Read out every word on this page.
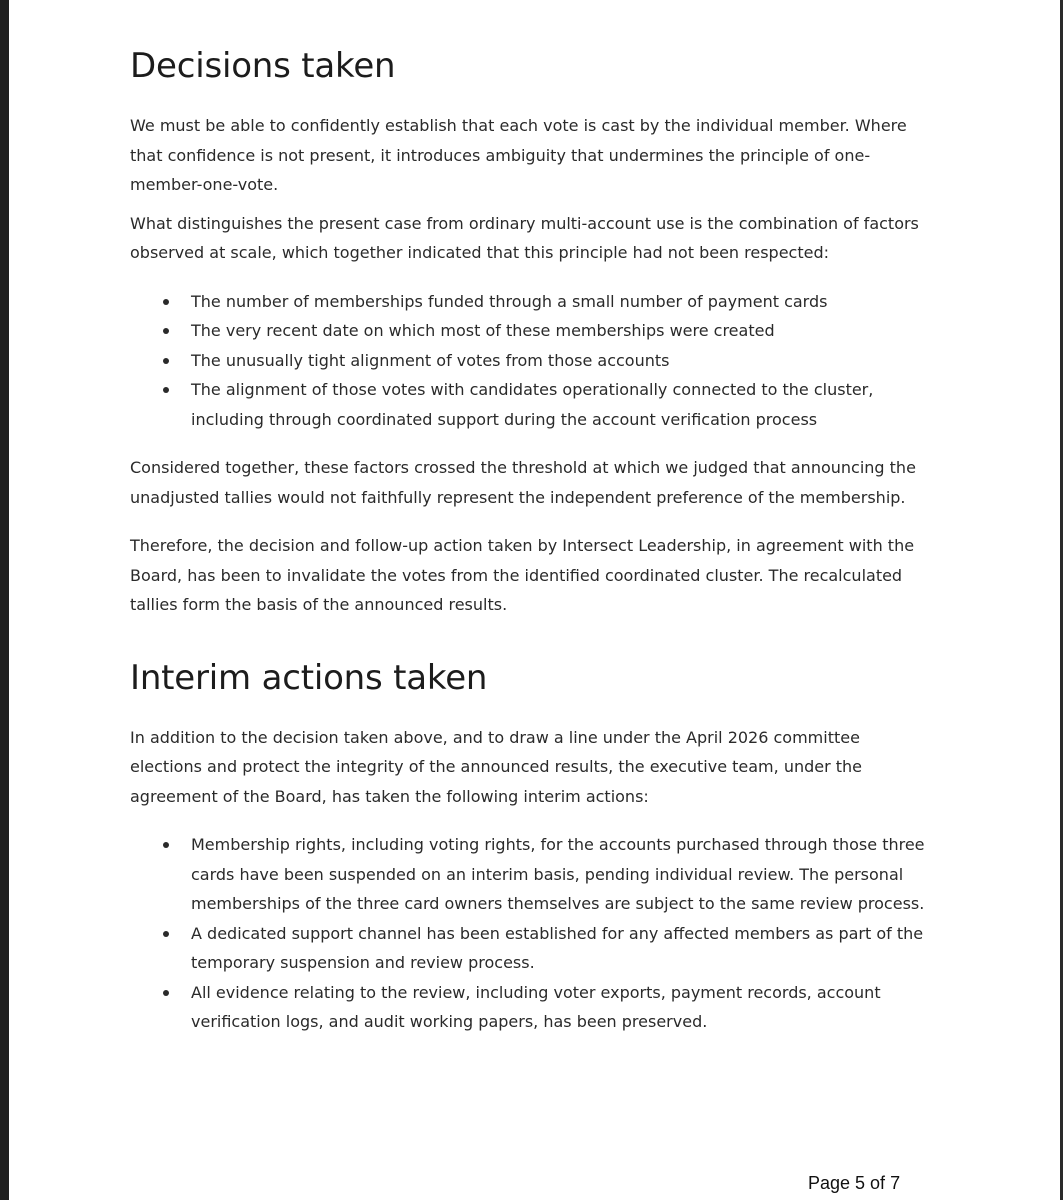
Decisions taken

We must be able to confidently establish that each vote is cast by the individual member. Where that confidence is not present, it introduces ambiguity that undermines the principle of one-member-one-vote.

What distinguishes the present case from ordinary multi-account use is the combination of factors observed at scale, which together indicated that this principle had not been respected:

The number of memberships funded through a small number of payment cards
The very recent date on which most of these memberships were created
The unusually tight alignment of votes from those accounts
The alignment of those votes with candidates operationally connected to the cluster, including through coordinated support during the account verification process

Considered together, these factors crossed the threshold at which we judged that announcing the unadjusted tallies would not faithfully represent the independent preference of the membership.

Therefore, the decision and follow-up action taken by Intersect Leadership, in agreement with the Board, has been to invalidate the votes from the identified coordinated cluster. The recalculated tallies form the basis of the announced results.

Interim actions taken

In addition to the decision taken above, and to draw a line under the April 2026 committee elections and protect the integrity of the announced results, the executive team, under the agreement of the Board, has taken the following interim actions:

Membership rights, including voting rights, for the accounts purchased through those three cards have been suspended on an interim basis, pending individual review. The personal memberships of the three card owners themselves are subject to the same review process.
A dedicated support channel has been established for any affected members as part of the temporary suspension and review process.
All evidence relating to the review, including voter exports, payment records, account verification logs, and audit working papers, has been preserved.
Page 5 of 7
